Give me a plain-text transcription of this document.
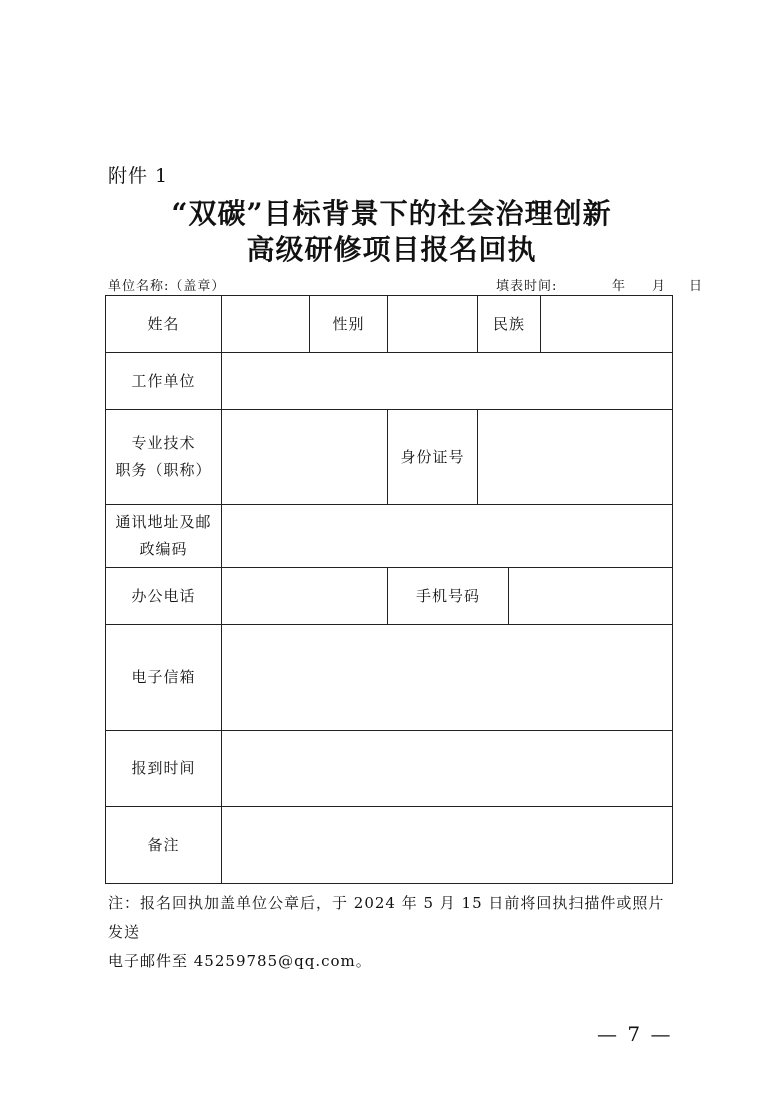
附件 1
“双碳”目标背景下的社会治理创新
高级研修项目报名回执
单位名称:（盖章）	填表时间:	年	月	日
姓名		性别		民族		
工作单位						

专业技术
职务（职称）			身份证号			

通讯地址及邮
政编码						

办公电话			手机号码			
电子信箱						
报到时间						
备注						
注：报名回执加盖单位公章后，于 2024 年 5 月 15 日前将回执扫描件或照片发送
电子邮件至 45259785@qq.com。
— 7 —
